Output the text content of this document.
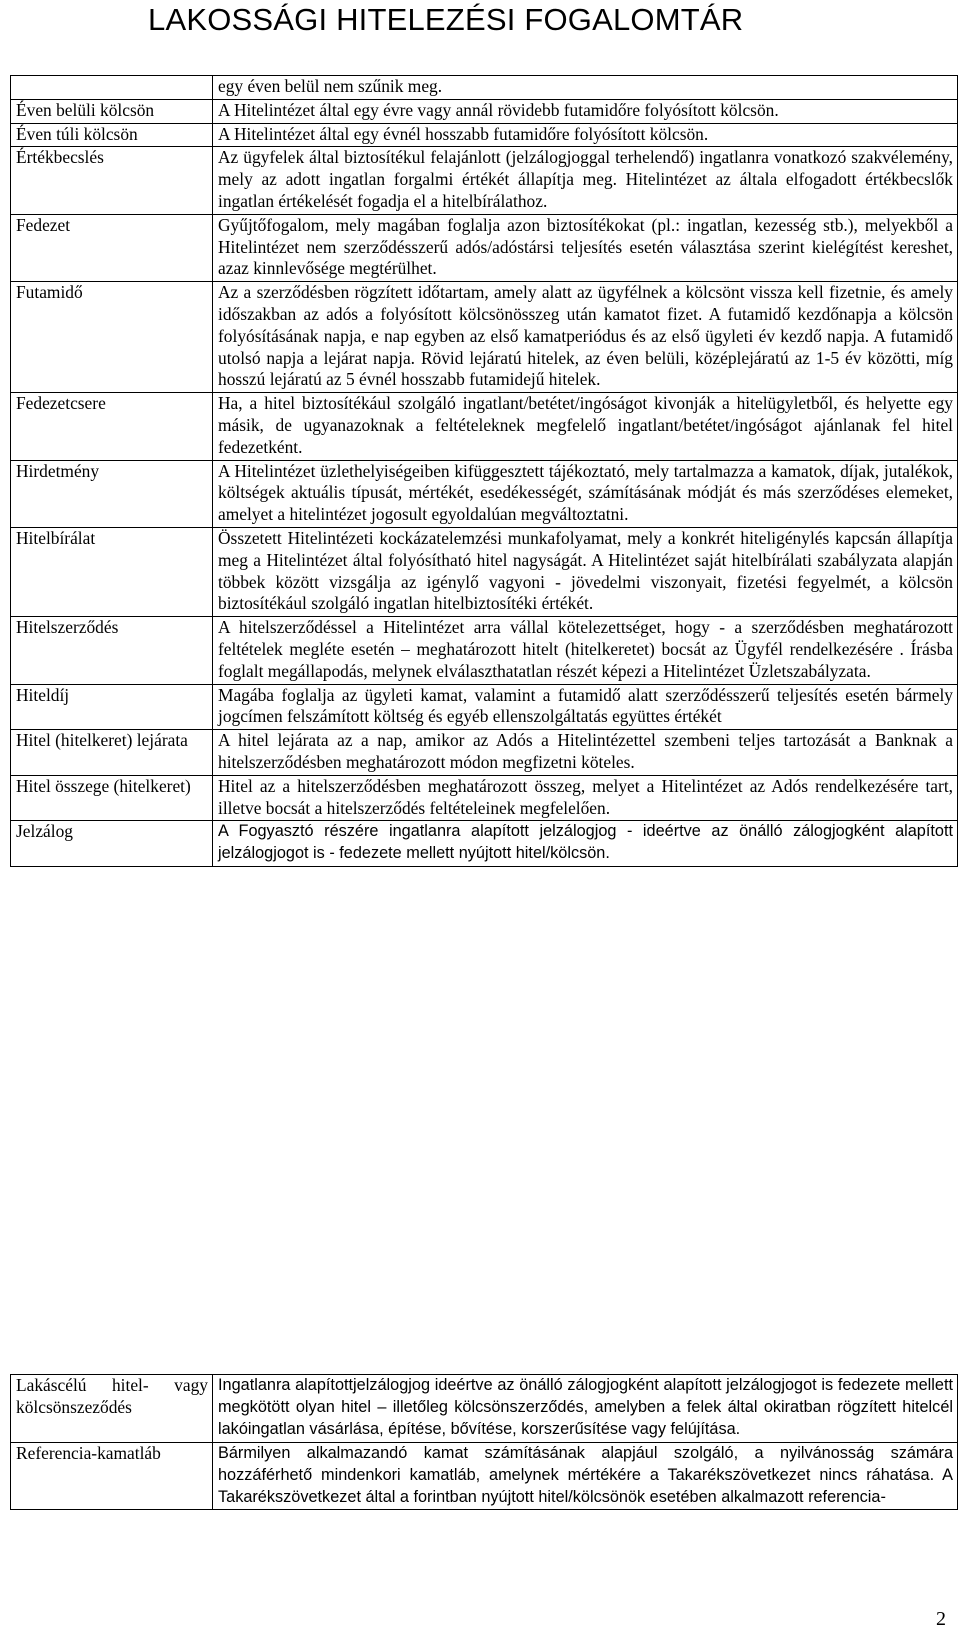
LAKOSSÁGI HITELEZÉSI FOGALOMTÁR
	egy éven belül nem szűnik meg.
Éven belüli kölcsön	A Hitelintézet által egy évre vagy annál rövidebb futamidőre folyósított kölcsön.
Éven túli kölcsön	A Hitelintézet által egy évnél hosszabb futamidőre folyósított kölcsön.
Értékbecslés	Az ügyfelek által biztosítékul felajánlott (jelzálogjoggal terhelendő) ingatlanra vonatkozó szakvélemény, mely az adott ingatlan forgalmi értékét állapítja meg. Hitelintézet az általa elfogadott értékbecslők ingatlan értékelését fogadja el a hitelbírálathoz.
Fedezet	Gyűjtőfogalom, mely magában foglalja azon biztosítékokat (pl.: ingatlan, kezesség stb.), melyekből a Hitelintézet nem szerződésszerű adós/adóstársi teljesítés esetén választása szerint kielégítést kereshet, azaz kinnlevősége megtérülhet.
Futamidő	Az a szerződésben rögzített időtartam, amely alatt az ügyfélnek a kölcsönt vissza kell fizetnie, és amely időszakban az adós a folyósított kölcsönösszeg után kamatot fizet. A futamidő kezdőnapja a kölcsön folyósításának napja, e nap egyben az első kamatperiódus és az első ügyleti év kezdő napja. A futamidő utolsó napja a lejárat napja. Rövid lejáratú hitelek, az éven belüli, középlejáratú az 1-5 év közötti, míg hosszú lejáratú az 5 évnél hosszabb futamidejű hitelek.
Fedezetcsere	Ha, a hitel biztosítékául szolgáló ingatlant/betétet/ingóságot kivonják a hitelügyletből, és helyette egy másik, de ugyanazoknak a feltételeknek megfelelő ingatlant/betétet/ingóságot ajánlanak fel hitel fedezetként.
Hirdetmény	A Hitelintézet üzlethelyiségeiben kifüggesztett tájékoztató, mely tartalmazza a kamatok, díjak, jutalékok, költségek aktuális típusát, mértékét, esedékességét, számításának módját és más szerződéses elemeket, amelyet a hitelintézet jogosult egyoldalúan megváltoztatni.
Hitelbírálat	Összetett Hitelintézeti kockázatelemzési munkafolyamat, mely a konkrét hiteligénylés kapcsán állapítja meg a Hitelintézet által folyósítható hitel nagyságát. A Hitelintézet saját hitelbírálati szabályzata alapján többek között vizsgálja az igénylő vagyoni - jövedelmi viszonyait, fizetési fegyelmét, a kölcsön biztosítékául szolgáló ingatlan hitelbiztosítéki értékét.
Hitelszerződés	A hitelszerződéssel a Hitelintézet arra vállal kötelezettséget, hogy - a szerződésben meghatározott feltételek megléte esetén – meghatározott hitelt (hitelkeretet) bocsát az Ügyfél rendelkezésére . Írásba foglalt megállapodás, melynek elválaszthatatlan részét képezi a Hitelintézet Üzletszabályzata.
Hiteldíj	Magába foglalja az ügyleti kamat, valamint a futamidő alatt szerződésszerű teljesítés esetén bármely jogcímen felszámított költség és egyéb ellenszolgáltatás együttes értékét
Hitel (hitelkeret) lejárata	A hitel lejárata az a nap, amikor az Adós a Hitelintézettel szembeni teljes tartozását a Banknak a hitelszerződésben meghatározott módon megfizetni köteles.
Hitel összege (hitelkeret)	Hitel az a hitelszerződésben meghatározott összeg, melyet a Hitelintézet az Adós rendelkezésére tart, illetve bocsát a hitelszerződés feltételeinek megfelelően.
Jelzálog	A Fogyasztó részére ingatlanra alapított jelzálogjog - ideértve az önálló zálogjogként alapított jelzálogjogot is - fedezete mellett nyújtott hitel/kölcsön.
Lakáscélú hitel- vagy kölcsönszeződés	Ingatlanra alapítottjelzálogjog ideértve az önálló zálogjogként alapított jelzálogjogot is fedezete mellett megkötött olyan hitel – illetőleg kölcsönszerződés, amelyben a felek által okiratban rögzített hitelcél lakóingatlan vásárlása, építése, bővítése, korszerűsítése vagy felújítása.
Referencia-kamatláb	Bármilyen alkalmazandó kamat számításának alapjául szolgáló, a nyilvánosság számára hozzáférhető mindenkori kamatláb, amelynek mértékére a Takarékszövetkezet nincs ráhatása. A Takarékszövetkezet által a forintban nyújtott hitel/kölcsönök esetében alkalmazott referencia-
2
